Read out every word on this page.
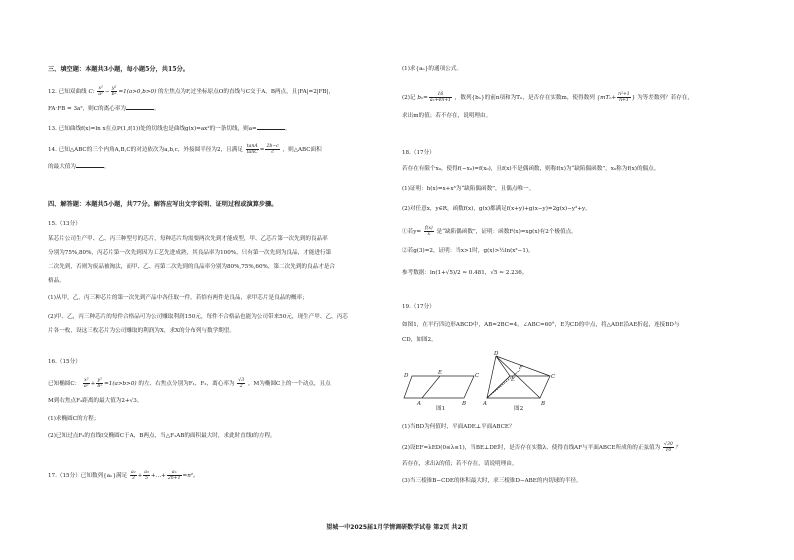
三、填空题：本题共3小题，每小题5分，共15分。
12. 已知双曲线 C: $\frac{\text{x²}}{\text{a²}} - \frac{\text{y²}}{\text{b²}} =1(a>0,b>0)$ 的左焦点为F,过坐标原点O的直线与C交于A，B两点，且|FA|=2|FB|，
FA·FB = 3a²，则C的离心率为	。
13. 已知曲线f(x)=ln x在点P(1,f(1))处的切线也是曲线g(x)=ax²的一条切线，则a=	。
14. 已知△ABC的三个内角A,B,C的对边依次为a,b,c，外接圆半径为2，且满足 $\frac{\tan A}{\tan C} = \frac{2b-c}{c}$ ，则△ABC面积
的最大值为	。
四、解答题：本题共5小题，共77分。解答应写出文字说明、证明过程或演算步骤。
15.（13分）
某芯片公司生产甲、乙、丙三种型号的芯片，每种芯片均需要两次先到才能成型，甲、乙芯片第一次先到的良品率
分别为75%,80%，丙芯片第一次先到因为工艺先进成熟，其良品率为100%，只有第一次先到为良品，才能进行第
二次先到，否则为废品被淘汰，而甲、乙、丙第二次先到的良品率分别为80%,75%,60%，第二次先到的良品才是合
格品。
(1)从甲，乙，丙三种芯片的第一次先到产品中各任取一件，若恰有两件是良品，求甲芯片是良品的概率；
(2)甲、乙，丙三种芯片的每件合格品可为公司赚取利润150元，每件不合格品也能为公司带来50元，现生产甲、乙，丙芯
片各一枚，设这三枚芯片为公司赚取的利润为X，求X的分布列与数学期望。
16.（15分）
已知椭圆C： $\frac{\text{x²}}{\text{a²}} + \frac{\text{y²}}{\text{b²}} =1(a>b>0)$ 的左、右焦点分别为F₁，F₂，离心率为 $\frac{√3}{2}$ ，M为椭圆C上的一个动点，且点
M到右焦点F₂距离的最大值为2+√3。
(1)求椭圆C的方程；
(2)已知过点F₂的直线l交椭圆C于A，B两点，当△F₁AB的面积最大时，求此时直线l的方程。
17.（15分）已知数列{aₙ}满足 $\frac{\text{a₂}}{3} + \frac{\text{a₃}}{5}$ +…+ $\frac{\text{aₙ}}{2n+1} =n^2$。
(1)求{aₙ}的通项公式。
(2)记 $b_n= \frac{16}{\text{aₙ+4n+1}}$ ，数列{bₙ}的前n项和为Tₙ，是否存在实数m，使得数列 {$mT_n+ \frac{\text{n²+1}}{n+1}$ } 为等差数列？若存在，
求出m的值；若不存在，说明理由。
18.（17分）
若存在有限个x₀，使得f(−x₀)=f(x₀)，且f(x)不是偶函数，则称f(x)为“缺陷偶函数”，x₀称为f(x)的偶点。
(1)证明：h(x)=x+x³为“缺陷偶函数”，且偶点唯一。
(2)对任意x，y∈R，函数f(x)，g(x)都满足f(x+y)+g(x−y)=2g(x)−y²+y。
①若$y= \frac{f(x)}{x}$ 是“缺陷偶函数”，证明：函数F(x)=xg(x)有2个极值点。
②若g(3)=2，证明：当x>1时，g(x)>½ln(x²−1)。
参考数据：ln(1+√5)/2 ≈ 0.481，√5 ≈ 2.236。
19.（17分）
如图1，在平行四边形ABCD中，AB=2BC=4，∠ABC=60°，E为CD的中点，将△ADE沿AE折起，连接BD与
CD，如图2。
D	E	C
A	B
D
E
F
C
A	B
图1	图2
(1)当BD为何值时，平面ADE⊥平面ABCE？
(2)设EF=λED(0≤λ≤1)，当BE⊥DE时，是否存在实数λ，使得直线AF与平面ABCE所成角的正弦值为 $\frac{√30}{10}$ ？
若存在，求出λ的值；若不存在，请说明理由。
(3)当三棱锥B−CDE的体积最大时，求三棱锥D−ABE的内切球的半径。
望城一中2025届1月学情调研数学试卷 第2页 共2页
